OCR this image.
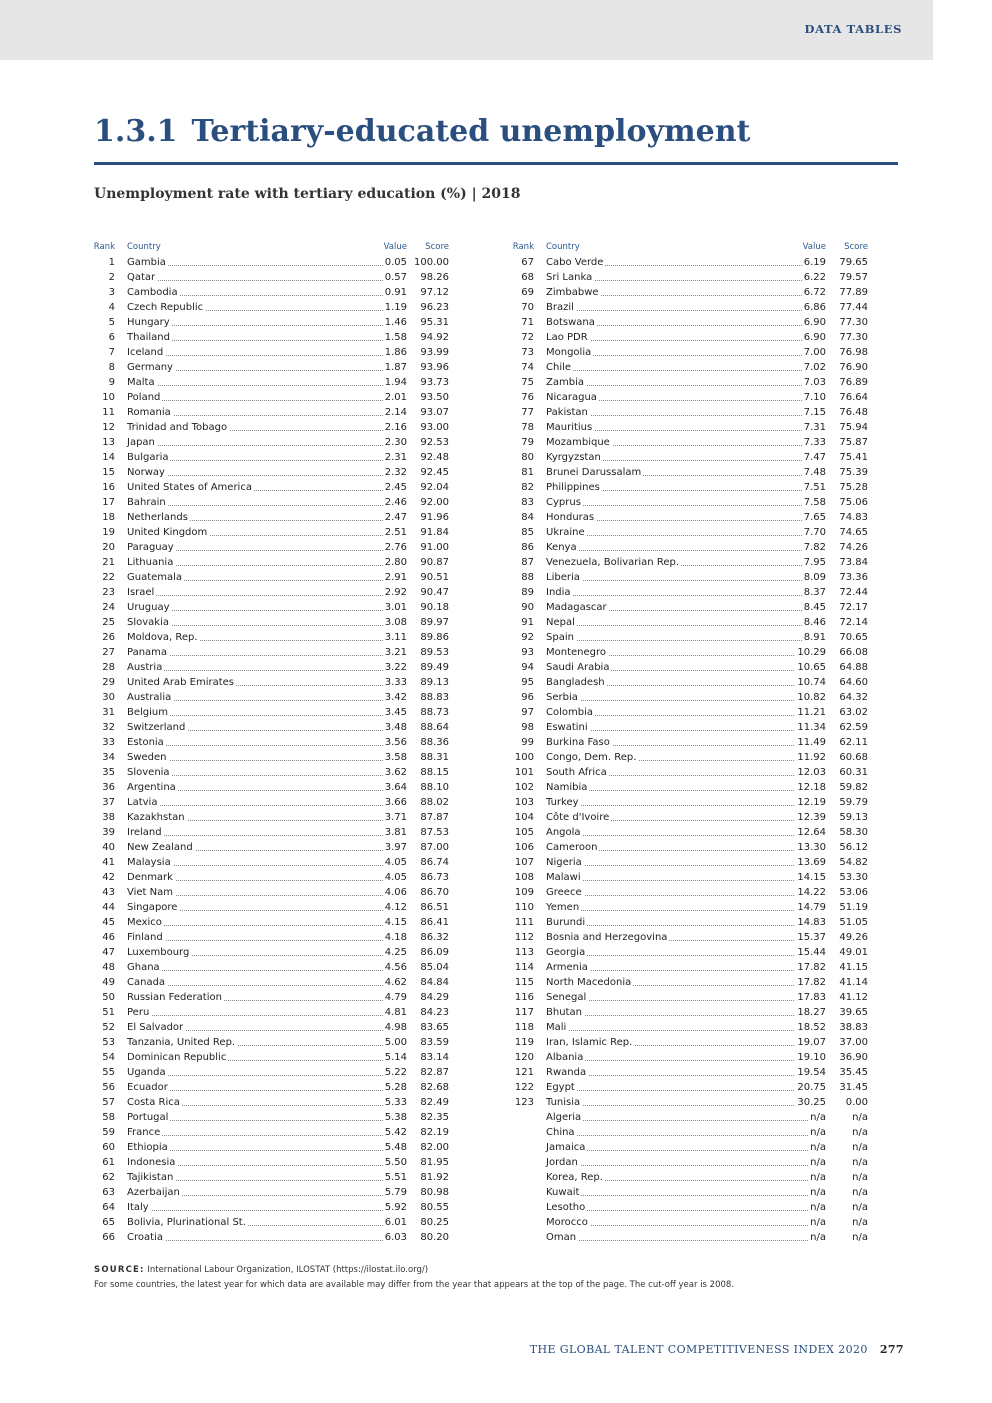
DATA TABLES
1.3.1 Tertiary-educated unemployment
Unemployment rate with tertiary education (%) | 2018
Rank Country	Value	Score
1 Gambia	0.05 100.00
2 Qatar	0.57	98.26
3 Cambodia	0.91	97.12
4 Czech Republic	1.19	96.23
5 Hungary	1.46	95.31
6 Thailand	1.58	94.92
7 Iceland	1.86	93.99
8 Germany	1.87	93.96
9 Malta	1.94	93.73
10 Poland	2.01	93.50
11 Romania	2.14	93.07
12 Trinidad and Tobago	2.16	93.00
13 Japan	2.30	92.53
14 Bulgaria	2.31	92.48
15 Norway	2.32	92.45
16 United States of America	2.45	92.04
17 Bahrain	2.46	92.00
18 Netherlands	2.47	91.96
19 United Kingdom	2.51	91.84
20 Paraguay	2.76	91.00
21 Lithuania	2.80	90.87
22 Guatemala	2.91	90.51
23 Israel	2.92	90.47
24 Uruguay	3.01	90.18
25 Slovakia	3.08	89.97
26 Moldova, Rep.	3.11	89.86
27 Panama	3.21	89.53
28 Austria	3.22	89.49
29 United Arab Emirates	3.33	89.13
30 Australia	3.42	88.83
31 Belgium	3.45	88.73
32 Switzerland	3.48	88.64
33 Estonia	3.56	88.36
34 Sweden	3.58	88.31
35 Slovenia	3.62	88.15
36 Argentina	3.64	88.10
37 Latvia	3.66	88.02
38 Kazakhstan	3.71	87.87
39 Ireland	3.81	87.53
40 New Zealand	3.97	87.00
41 Malaysia	4.05	86.74
42 Denmark	4.05	86.73
43 Viet Nam	4.06	86.70
44 Singapore	4.12	86.51
45 Mexico	4.15	86.41
46 Finland	4.18	86.32
47 Luxembourg	4.25	86.09
48 Ghana	4.56	85.04
49 Canada	4.62	84.84
50 Russian Federation	4.79	84.29
51 Peru	4.81	84.23
52 El Salvador	4.98	83.65
53 Tanzania, United Rep.	5.00	83.59
54 Dominican Republic	5.14	83.14
55 Uganda	5.22	82.87
56 Ecuador	5.28	82.68
57 Costa Rica	5.33	82.49
58 Portugal	5.38	82.35
59 France	5.42	82.19
60 Ethiopia	5.48	82.00
61 Indonesia	5.50	81.95
62 Tajikistan	5.51	81.92
63 Azerbaijan	5.79	80.98
64 Italy	5.92	80.55
65 Bolivia, Plurinational St.	6.01	80.25
66 Croatia	6.03	80.20
Rank Country	Value	Score
67 Cabo Verde	6.19	79.65
68 Sri Lanka	6.22	79.57
69 Zimbabwe	6.72	77.89
70 Brazil	6.86	77.44
71 Botswana	6.90	77.30
72 Lao PDR	6.90	77.30
73 Mongolia	7.00	76.98
74 Chile	7.02	76.90
75 Zambia	7.03	76.89
76 Nicaragua	7.10	76.64
77 Pakistan	7.15	76.48
78 Mauritius	7.31	75.94
79 Mozambique	7.33	75.87
80 Kyrgyzstan	7.47	75.41
81 Brunei Darussalam	7.48	75.39
82 Philippines	7.51	75.28
83 Cyprus	7.58	75.06
84 Honduras	7.65	74.83
85 Ukraine	7.70	74.65
86 Kenya	7.82	74.26
87 Venezuela, Bolivarian Rep.	7.95	73.84
88 Liberia	8.09	73.36
89 India	8.37	72.44
90 Madagascar	8.45	72.17
91 Nepal	8.46	72.14
92 Spain	8.91	70.65
93 Montenegro	10.29	66.08
94 Saudi Arabia	10.65	64.88
95 Bangladesh	10.74	64.60
96 Serbia	10.82	64.32
97 Colombia	11.21	63.02
98 Eswatini	11.34	62.59
99 Burkina Faso	11.49	62.11
100 Congo, Dem. Rep.	11.92	60.68
101 South Africa	12.03	60.31
102 Namibia	12.18	59.82
103 Turkey	12.19	59.79
104 Côte d'Ivoire	12.39	59.13
105 Angola	12.64	58.30
106 Cameroon	13.30	56.12
107 Nigeria	13.69	54.82
108 Malawi	14.15	53.30
109 Greece	14.22	53.06
110 Yemen	14.79	51.19
111 Burundi	14.83	51.05
112 Bosnia and Herzegovina	15.37	49.26
113 Georgia	15.44	49.01
114 Armenia	17.82	41.15
115 North Macedonia	17.82	41.14
116 Senegal	17.83	41.12
117 Bhutan	18.27	39.65
118 Mali	18.52	38.83
119 Iran, Islamic Rep.	19.07	37.00
120 Albania	19.10	36.90
121 Rwanda	19.54	35.45
122 Egypt	20.75	31.45
123 Tunisia	30.25	0.00
Algeria	n/a	n/a
China	n/a	n/a
Jamaica	n/a	n/a
Jordan	n/a	n/a
Korea, Rep.	n/a	n/a
Kuwait	n/a	n/a
Lesotho	n/a	n/a
Morocco	n/a	n/a
Oman	n/a	n/a

SOURCE: International Labour Organization, ILOSTAT (https://ilostat.ilo.org/)

For some countries, the latest year for which data are available may differ from the year that appears at the top of the page. The cut-off year is 2008.

THE GLOBAL TALENT COMPETITIVENESS INDEX 2020 277
